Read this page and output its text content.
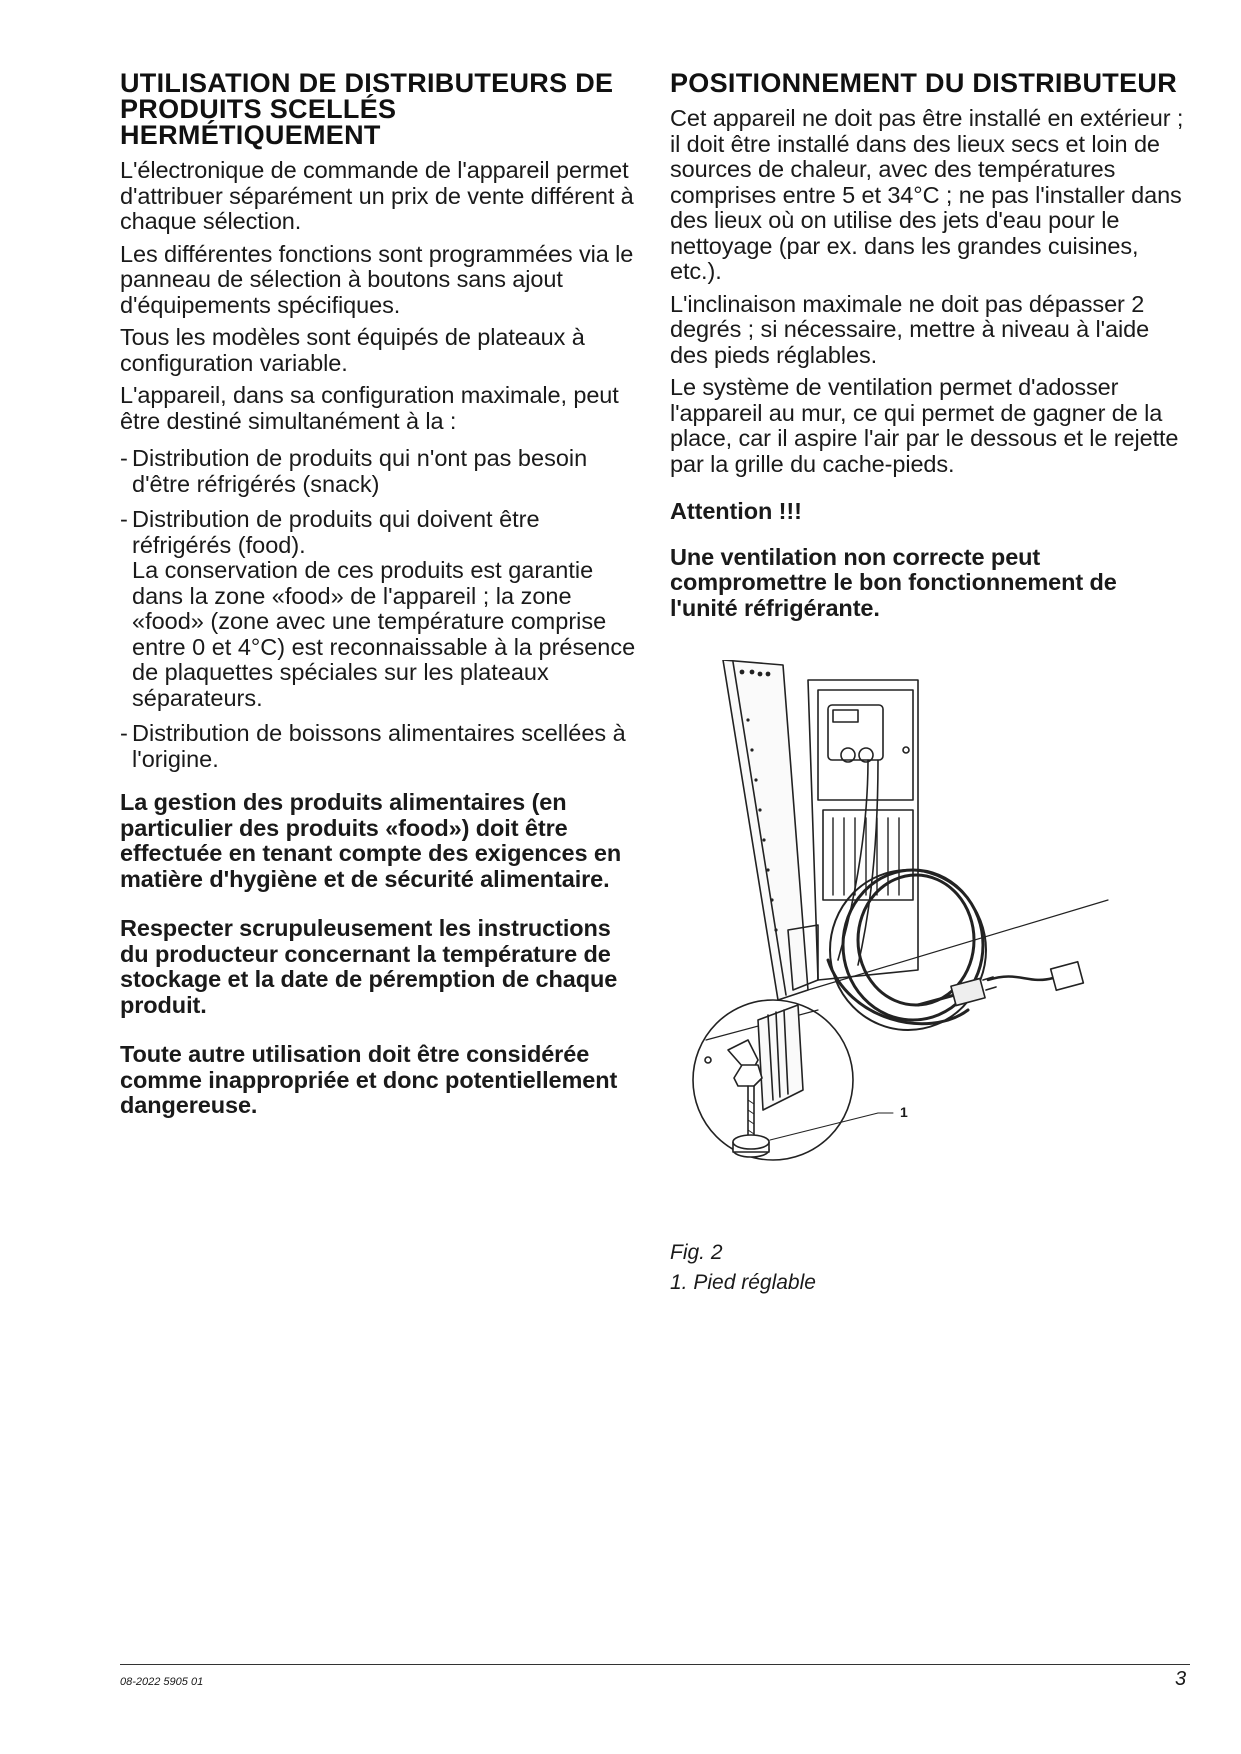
UTILISATION DE DISTRIBUTEURS DE PRODUITS SCELLÉS HERMÉTIQUEMENT

L'électronique de commande de l'appareil permet d'attribuer séparément un prix de vente différent à chaque sélection.

Les différentes fonctions sont programmées via le panneau de sélection à boutons sans ajout d'équipements spécifiques.

Tous les modèles sont équipés de plateaux à configuration variable.

L'appareil, dans sa configuration maximale, peut être destiné simultanément à la :

- Distribution de produits qui n'ont pas besoin d'être réfrigérés (snack)
- Distribution de produits qui doivent être réfrigérés (food).
La conservation de ces produits est garantie dans la zone «food» de l'appareil ; la zone «food» (zone avec une température comprise entre 0 et 4°C) est reconnaissable à la présence de plaquettes spéciales sur les plateaux séparateurs.
- Distribution de boissons alimentaires scellées à l'origine.

La gestion des produits alimentaires (en particulier des produits «food») doit être effectuée en tenant compte des exigences en matière d'hygiène et de sécurité alimentaire.

Respecter scrupuleusement les instructions du producteur concernant la température de stockage et la date de péremption de chaque produit.

Toute autre utilisation doit être considérée comme inappropriée et donc potentiellement dangereuse.

POSITIONNEMENT DU DISTRIBUTEUR

Cet appareil ne doit pas être installé en extérieur ; il doit être installé dans des lieux secs et loin de sources de chaleur, avec des températures comprises entre 5 et 34°C ; ne pas l'installer dans des lieux où on utilise des jets d'eau pour le nettoyage (par ex. dans les grandes cuisines, etc.).

L'inclinaison maximale ne doit pas dépasser 2 degrés ; si nécessaire, mettre à niveau à l'aide des pieds réglables.

Le système de ventilation permet d'adosser l'appareil au mur, ce qui permet de gagner de la place, car il aspire l'air par le dessous et le rejette par la grille du cache-pieds.

Attention !!!

Une ventilation non correcte peut compromettre le bon fonctionnement de l'unité réfrigérante.

1
Fig. 2
1. Pied réglable
08-2022 5905 01	3
